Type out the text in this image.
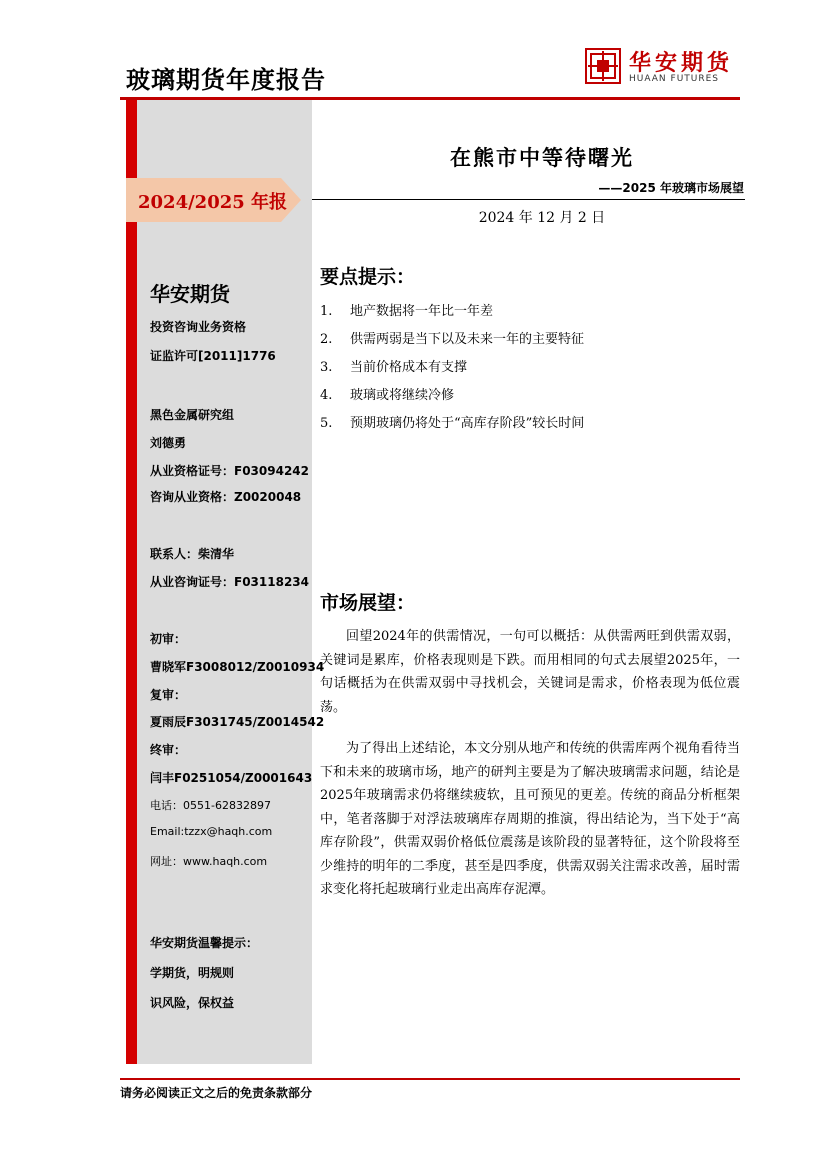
玻璃期货年度报告
华安期货
HUAAN FUTURES
2024/2025 年报
华安期货
投资咨询业务资格
证监许可[2011]1776
黑色金属研究组
刘德勇
从业资格证号：F03094242
咨询从业资格：Z0020048
联系人：柴清华
从业咨询证号：F03118234
初审：
曹晓军F3008012/Z0010934
复审：
夏雨辰F3031745/Z0014542
终审：
闫丰F0251054/Z0001643
电话：0551-62832897
Email:tzzx@haqh.com
网址：www.haqh.com
华安期货温馨提示：
学期货，明规则
识风险，保权益
在熊市中等待曙光
——2025 年玻璃市场展望
2024 年 12 月 2 日
要点提示：
1. 地产数据将一年比一年差
2. 供需两弱是当下以及未来一年的主要特征
3. 当前价格成本有支撑
4. 玻璃或将继续冷修
5. 预期玻璃仍将处于“高库存阶段”较长时间
市场展望：

回望2024年的供需情况，一句可以概括：从供需两旺到供需双弱，关键词是累库，价格表现则是下跌。而用相同的句式去展望2025年，一句话概括为在供需双弱中寻找机会，关键词是需求，价格表现为低位震荡。

为了得出上述结论，本文分别从地产和传统的供需库两个视角看待当下和未来的玻璃市场，地产的研判主要是为了解决玻璃需求问题，结论是2025年玻璃需求仍将继续疲软，且可预见的更差。传统的商品分析框架中，笔者落脚于对浮法玻璃库存周期的推演，得出结论为，当下处于“高库存阶段”，供需双弱价格低位震荡是该阶段的显著特征，这个阶段将至少维持的明年的二季度，甚至是四季度，供需双弱关注需求改善，届时需求变化将托起玻璃行业走出高库存泥潭。

请务必阅读正文之后的免责条款部分
